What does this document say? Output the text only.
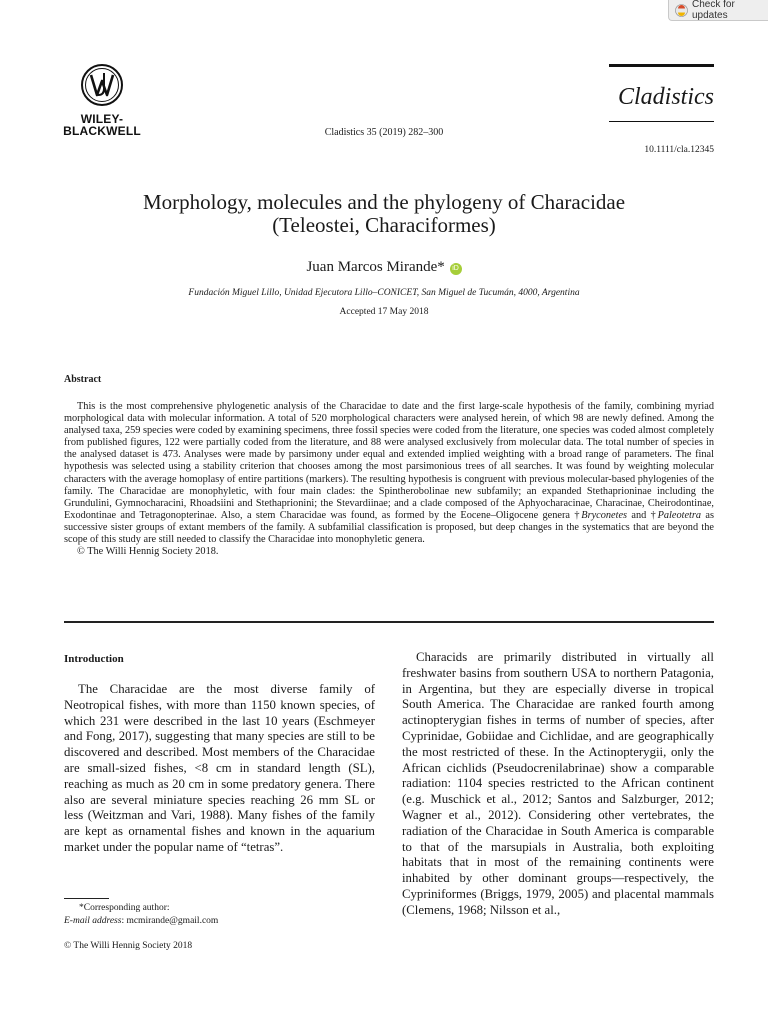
Check for updates
WILEY-
BLACKWELL	Cladistics 35 (2019) 282–300
Cladistics
10.1111/cla.12345
Morphology, molecules and the phylogeny of Characidae
(Teleostei, Characiformes)
Juan Marcos Mirande* iD
Fundación Miguel Lillo, Unidad Ejecutora Lillo–CONICET, San Miguel de Tucumán, 4000, Argentina
Accepted 17 May 2018
Abstract

This is the most comprehensive phylogenetic analysis of the Characidae to date and the first large-scale hypothesis of the family, combining myriad morphological data with molecular information. A total of 520 morphological characters were analysed herein, of which 98 are newly defined. Among the analysed taxa, 259 species were coded by examining specimens, three fossil species were coded from the literature, one species was coded almost completely from published figures, 122 were partially coded from the literature, and 88 were analysed exclusively from molecular data. The total number of species in the analysed dataset is 473. Analyses were made by parsimony under equal and extended implied weighting with a broad range of parameters. The final hypothesis was selected using a stability criterion that chooses among the most parsimonious trees of all searches. It was found by weighting molecular characters with the average homoplasy of entire partitions (markers). The resulting hypothesis is congruent with previous molecular-based phylogenies of the family. The Characidae are monophyletic, with four main clades: the Spintherobolinae new subfamily; an expanded Stethaprioninae including the Grundulini, Gymnocharacini, Rhoadsiini and Stethaprionini; the Stevardiinae; and a clade composed of the Aphyocharacinae, Characinae, Cheirodontinae, Exodontinae and Tetragonopterinae. Also, a stem Characidae was found, as formed by the Eocene–Oligocene genera †Bryconetes and †Paleotetra as successive sister groups of extant members of the family. A subfamilial classification is proposed, but deep changes in the systematics that are beyond the scope of this study are still needed to classify the Characidae into monophyletic genera.

© The Willi Hennig Society 2018.

Introduction

The Characidae are the most diverse family of Neotropical fishes, with more than 1150 known species, of which 231 were described in the last 10 years (Eschmeyer and Fong, 2017), suggesting that many species are still to be discovered and described. Most members of the Characidae are small-sized fishes, <8 cm in standard length (SL), reaching as much as 20 cm in some predatory genera. There also are several miniature species reaching 26 mm SL or less (Weitzman and Vari, 1988). Many fishes of the family are kept as ornamental fishes and known in the aquarium market under the popular name of “tetras”.

Characids are primarily distributed in virtually all freshwater basins from southern USA to northern Patagonia, in Argentina, but they are especially diverse in tropical South America. The Characidae are ranked fourth among actinopterygian fishes in terms of number of species, after Cyprinidae, Gobiidae and Cichlidae, and are geographically the most restricted of these. In the Actinopterygii, only the African cichlids (Pseudocrenilabrinae) show a comparable radiation: 1104 species restricted to the African continent (e.g. Muschick et al., 2012; Santos and Salzburger, 2012; Wagner et al., 2012). Considering other vertebrates, the radiation of the Characidae in South America is comparable to that of the marsupials in Australia, both exploiting habitats that in most of the remaining continents were inhabited by other dominant groups—respectively, the Cypriniformes (Briggs, 1979, 2005) and placental mammals (Clemens, 1968; Nilsson et al.,

*Corresponding author:
E-mail address: mcmirande@gmail.com
© The Willi Hennig Society 2018
